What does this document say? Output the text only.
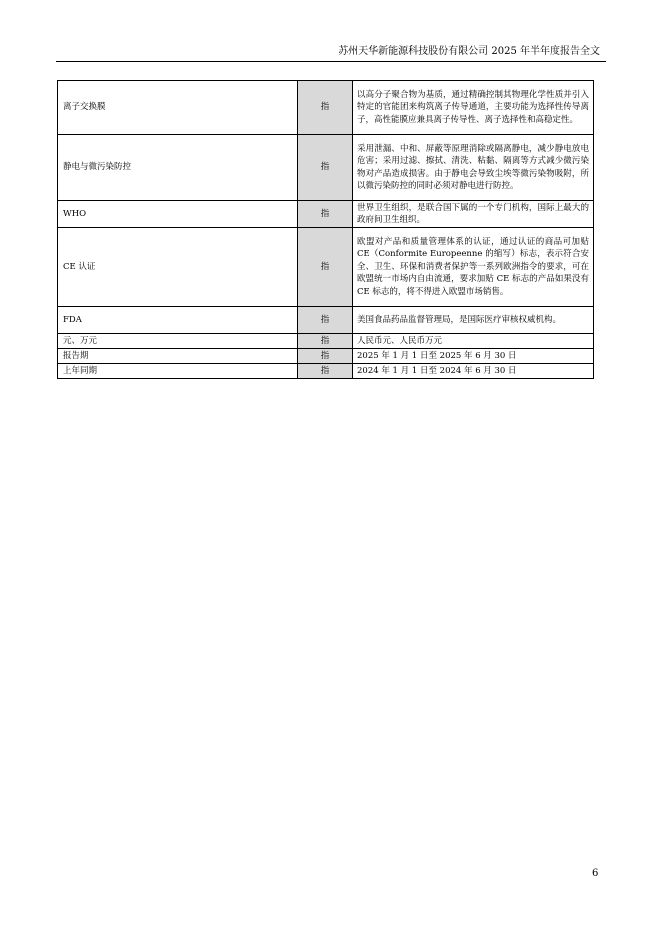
苏州天华新能源科技股份有限公司 2025 年半年度报告全文
离子交换膜	指	以高分子聚合物为基质，通过精确控制其物理化学性质并引入特定的官能团来构筑离子传导通道，主要功能为选择性传导离子，高性能膜应兼具离子传导性、离子选择性和高稳定性。
静电与微污染防控	指	采用泄漏、中和、屏蔽等原理消除或隔离静电，减少静电放电危害；采用过滤、擦拭、清洗、粘黏、隔离等方式减少微污染物对产品造成损害。由于静电会导致尘埃等微污染物吸附，所以微污染防控的同时必须对静电进行防控。
WHO	指	世界卫生组织，是联合国下属的一个专门机构，国际上最大的政府间卫生组织。
CE 认证	指	欧盟对产品和质量管理体系的认证，通过认证的商品可加贴 CE（Conformite Europeenne 的缩写）标志，表示符合安全、卫生、环保和消费者保护等一系列欧洲指令的要求，可在欧盟统一市场内自由流通，要求加贴 CE 标志的产品如果没有 CE 标志的，将不得进入欧盟市场销售。
FDA	指	美国食品药品监督管理局，是国际医疗审核权威机构。
元、万元	指	人民币元、人民币万元
报告期	指	2025 年 1 月 1 日至 2025 年 6 月 30 日
上年同期	指	2024 年 1 月 1 日至 2024 年 6 月 30 日
6
